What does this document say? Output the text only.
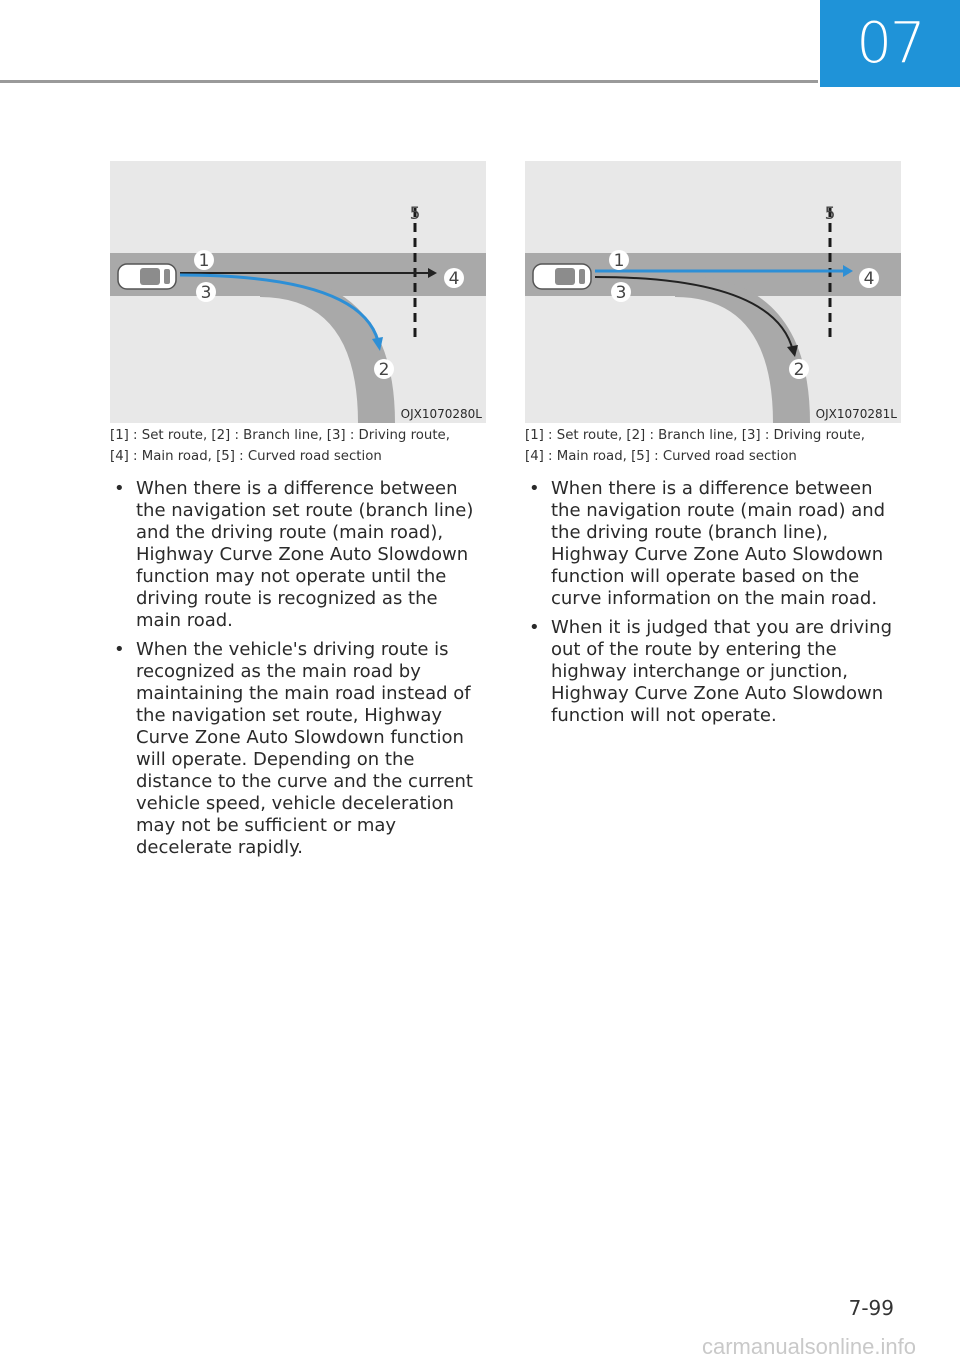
07
1
2
3
4
5
OJX1070280L
[1] : Set route, [2] : Branch line, [3] : Driving route,
[4] : Main road, [5] : Curved road section
• When there is a difference between the navigation set route (branch line) and the driving route (main road), Highway Curve Zone Auto Slowdown function may not operate until the driving route is recognized as the main road.
• When the vehicle's driving route is recognized as the main road by maintaining the main road instead of the navigation set route, Highway Curve Zone Auto Slowdown function will operate. Depending on the distance to the curve and the current vehicle speed, vehicle deceleration may not be sufficient or may decelerate rapidly.
1
2
3
4
5
OJX1070281L
[1] : Set route, [2] : Branch line, [3] : Driving route,
[4] : Main road, [5] : Curved road section
• When there is a difference between the navigation route (main road) and the driving route (branch line), Highway Curve Zone Auto Slowdown function will operate based on the curve information on the main road.
• When it is judged that you are driving out of the route by entering the highway interchange or junction, Highway Curve Zone Auto Slowdown function will not operate.
7-99
carmanualsonline.info
